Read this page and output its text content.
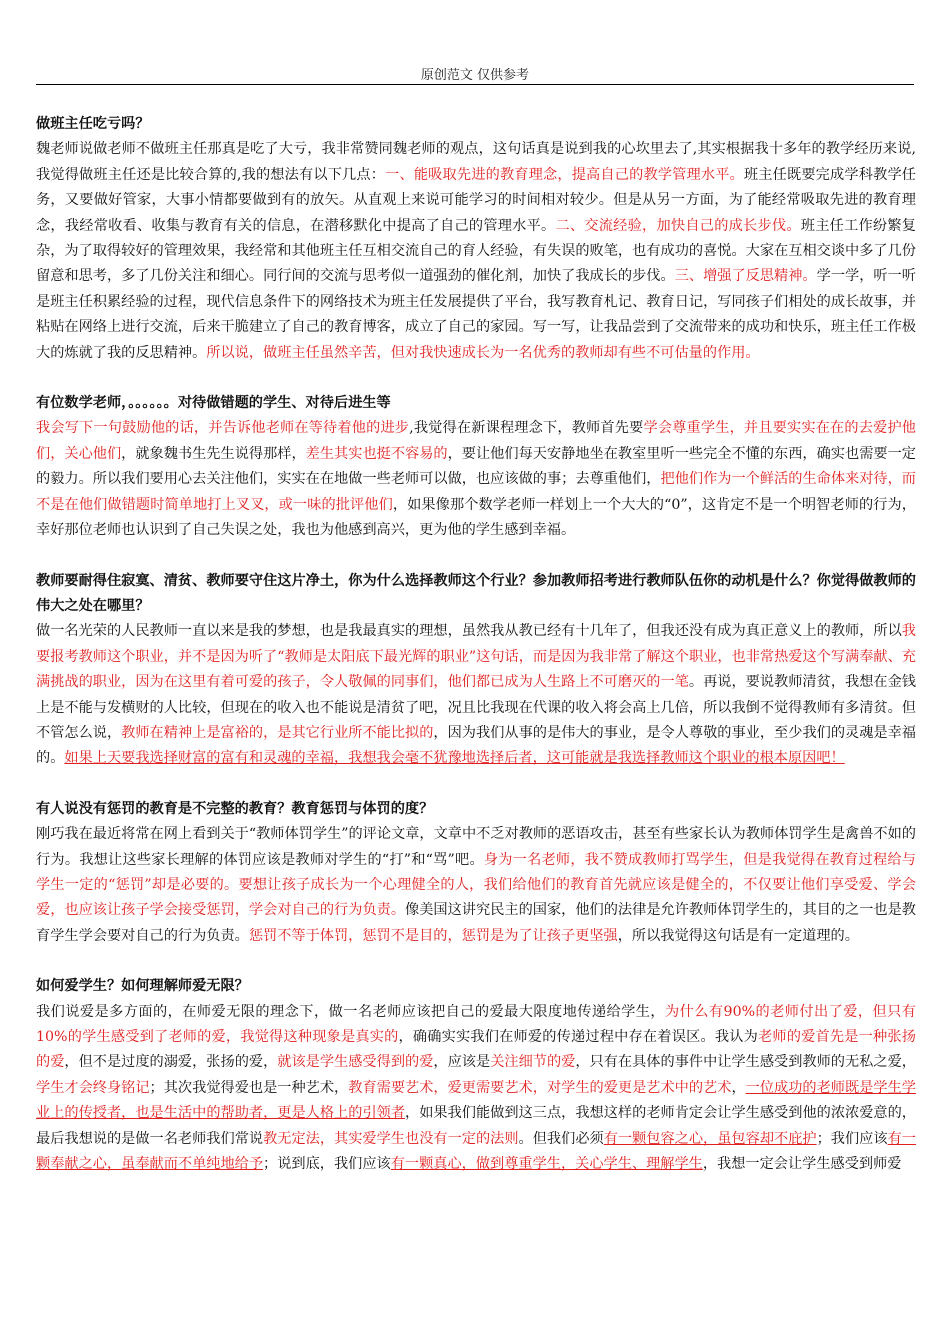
原创范文 仅供参考

做班主任吃亏吗？

魏老师说做老师不做班主任那真是吃了大亏，我非常赞同魏老师的观点，这句话真是说到我的心坎里去了,其实根据我十多年的教学经历来说,我觉得做班主任还是比较合算的,我的想法有以下几点：一、能吸取先进的教育理念，提高自己的教学管理水平。班主任既要完成学科教学任务，又要做好管家，大事小情都要做到有的放矢。从直观上来说可能学习的时间相对较少。但是从另一方面，为了能经常吸取先进的教育理念，我经常收看、收集与教育有关的信息，在潜移默化中提高了自己的管理水平。二、交流经验，加快自己的成长步伐。班主任工作纷繁复杂，为了取得较好的管理效果，我经常和其他班主任互相交流自己的育人经验，有失误的败笔，也有成功的喜悦。大家在互相交谈中多了几份留意和思考，多了几份关注和细心。同行间的交流与思考似一道强劲的催化剂，加快了我成长的步伐。三、增强了反思精神。学一学，听一听是班主任积累经验的过程，现代信息条件下的网络技术为班主任发展提供了平台，我写教育札记、教育日记，写同孩子们相处的成长故事，并粘贴在网络上进行交流，后来干脆建立了自己的教育博客，成立了自己的家园。写一写，让我品尝到了交流带来的成功和快乐，班主任工作极大的炼就了我的反思精神。所以说，做班主任虽然辛苦，但对我快速成长为一名优秀的教师却有些不可估量的作用。

有位数学老师，。。。。。。对待做错题的学生、对待后进生等

我会写下一句鼓励他的话，并告诉他老师在等待着他的进步,我觉得在新课程理念下，教师首先要学会尊重学生，并且要实实在在的去爱护他们，关心他们，就象魏书生先生说得那样，差生其实也挺不容易的，要让他们每天安静地坐在教室里听一些完全不懂的东西，确实也需要一定的毅力。所以我们要用心去关注他们，实实在在地做一些老师可以做，也应该做的事；去尊重他们，把他们作为一个鲜活的生命体来对待，而不是在他们做错题时简单地打上叉叉，或一味的批评他们，如果像那个数学老师一样划上一个大大的“0”，这肯定不是一个明智老师的行为，幸好那位老师也认识到了自己失误之处，我也为他感到高兴，更为他的学生感到幸福。

教师要耐得住寂寞、清贫、教师要守住这片净土，你为什么选择教师这个行业？参加教师招考进行教师队伍你的动机是什么？你觉得做教师的伟大之处在哪里？

做一名光荣的人民教师一直以来是我的梦想，也是我最真实的理想，虽然我从教已经有十几年了，但我还没有成为真正意义上的教师，所以我要报考教师这个职业，并不是因为听了“教师是太阳底下最光辉的职业”这句话，而是因为我非常了解这个职业，也非常热爱这个写满奉献、充满挑战的职业，因为在这里有着可爱的孩子，令人敬佩的同事们，他们都已成为人生路上不可磨灭的一笔。再说，要说教师清贫，我想在金钱上是不能与发横财的人比较，但现在的收入也不能说是清贫了吧，况且比我现在代课的收入将会高上几倍，所以我倒不觉得教师有多清贫。但不管怎么说，教师在精神上是富裕的，是其它行业所不能比拟的，因为我们从事的是伟大的事业，是令人尊敬的事业，至少我们的灵魂是幸福的。如果上天要我选择财富的富有和灵魂的幸福，我想我会毫不犹豫地选择后者，这可能就是我选择教师这个职业的根本原因吧！

有人说没有惩罚的教育是不完整的教育？教育惩罚与体罚的度？

刚巧我在最近将常在网上看到关于“教师体罚学生”的评论文章，文章中不乏对教师的恶语攻击，甚至有些家长认为教师体罚学生是禽兽不如的行为。我想让这些家长理解的体罚应该是教师对学生的“打”和“骂”吧。身为一名老师，我不赞成教师打骂学生，但是我觉得在教育过程给与学生一定的“惩罚”却是必要的。要想让孩子成长为一个心理健全的人，我们给他们的教育首先就应该是健全的，不仅要让他们享受爱、学会爱，也应该让孩子学会接受惩罚，学会对自己的行为负责。像美国这讲究民主的国家，他们的法律是允许教师体罚学生的，其目的之一也是教育学生学会要对自己的行为负责。惩罚不等于体罚，惩罚不是目的，惩罚是为了让孩子更坚强，所以我觉得这句话是有一定道理的。

如何爱学生？如何理解师爱无限？

我们说爱是多方面的，在师爱无限的理念下，做一名老师应该把自己的爱最大限度地传递给学生，为什么有90%的老师付出了爱，但只有10%的学生感受到了老师的爱，我觉得这种现象是真实的，确确实实我们在师爱的传递过程中存在着误区。我认为老师的爱首先是一种张扬的爱，但不是过度的溺爱，张扬的爱，就该是学生感受得到的爱，应该是关注细节的爱，只有在具体的事件中让学生感受到教师的无私之爱，学生才会终身铭记；其次我觉得爱也是一种艺术，教育需要艺术，爱更需要艺术，对学生的爱更是艺术中的艺术，一位成功的老师既是学生学业上的传授者，也是生活中的帮助者，更是人格上的引领者，如果我们能做到这三点，我想这样的老师肯定会让学生感受到他的浓浓爱意的，最后我想说的是做一名老师我们常说教无定法，其实爱学生也没有一定的法则。但我们必须有一颗包容之心，虽包容却不庇护；我们应该有一颗奉献之心，虽奉献而不单纯地给予；说到底，我们应该有一颗真心，做到尊重学生，关心学生、理解学生，我想一定会让学生感受到师爱
